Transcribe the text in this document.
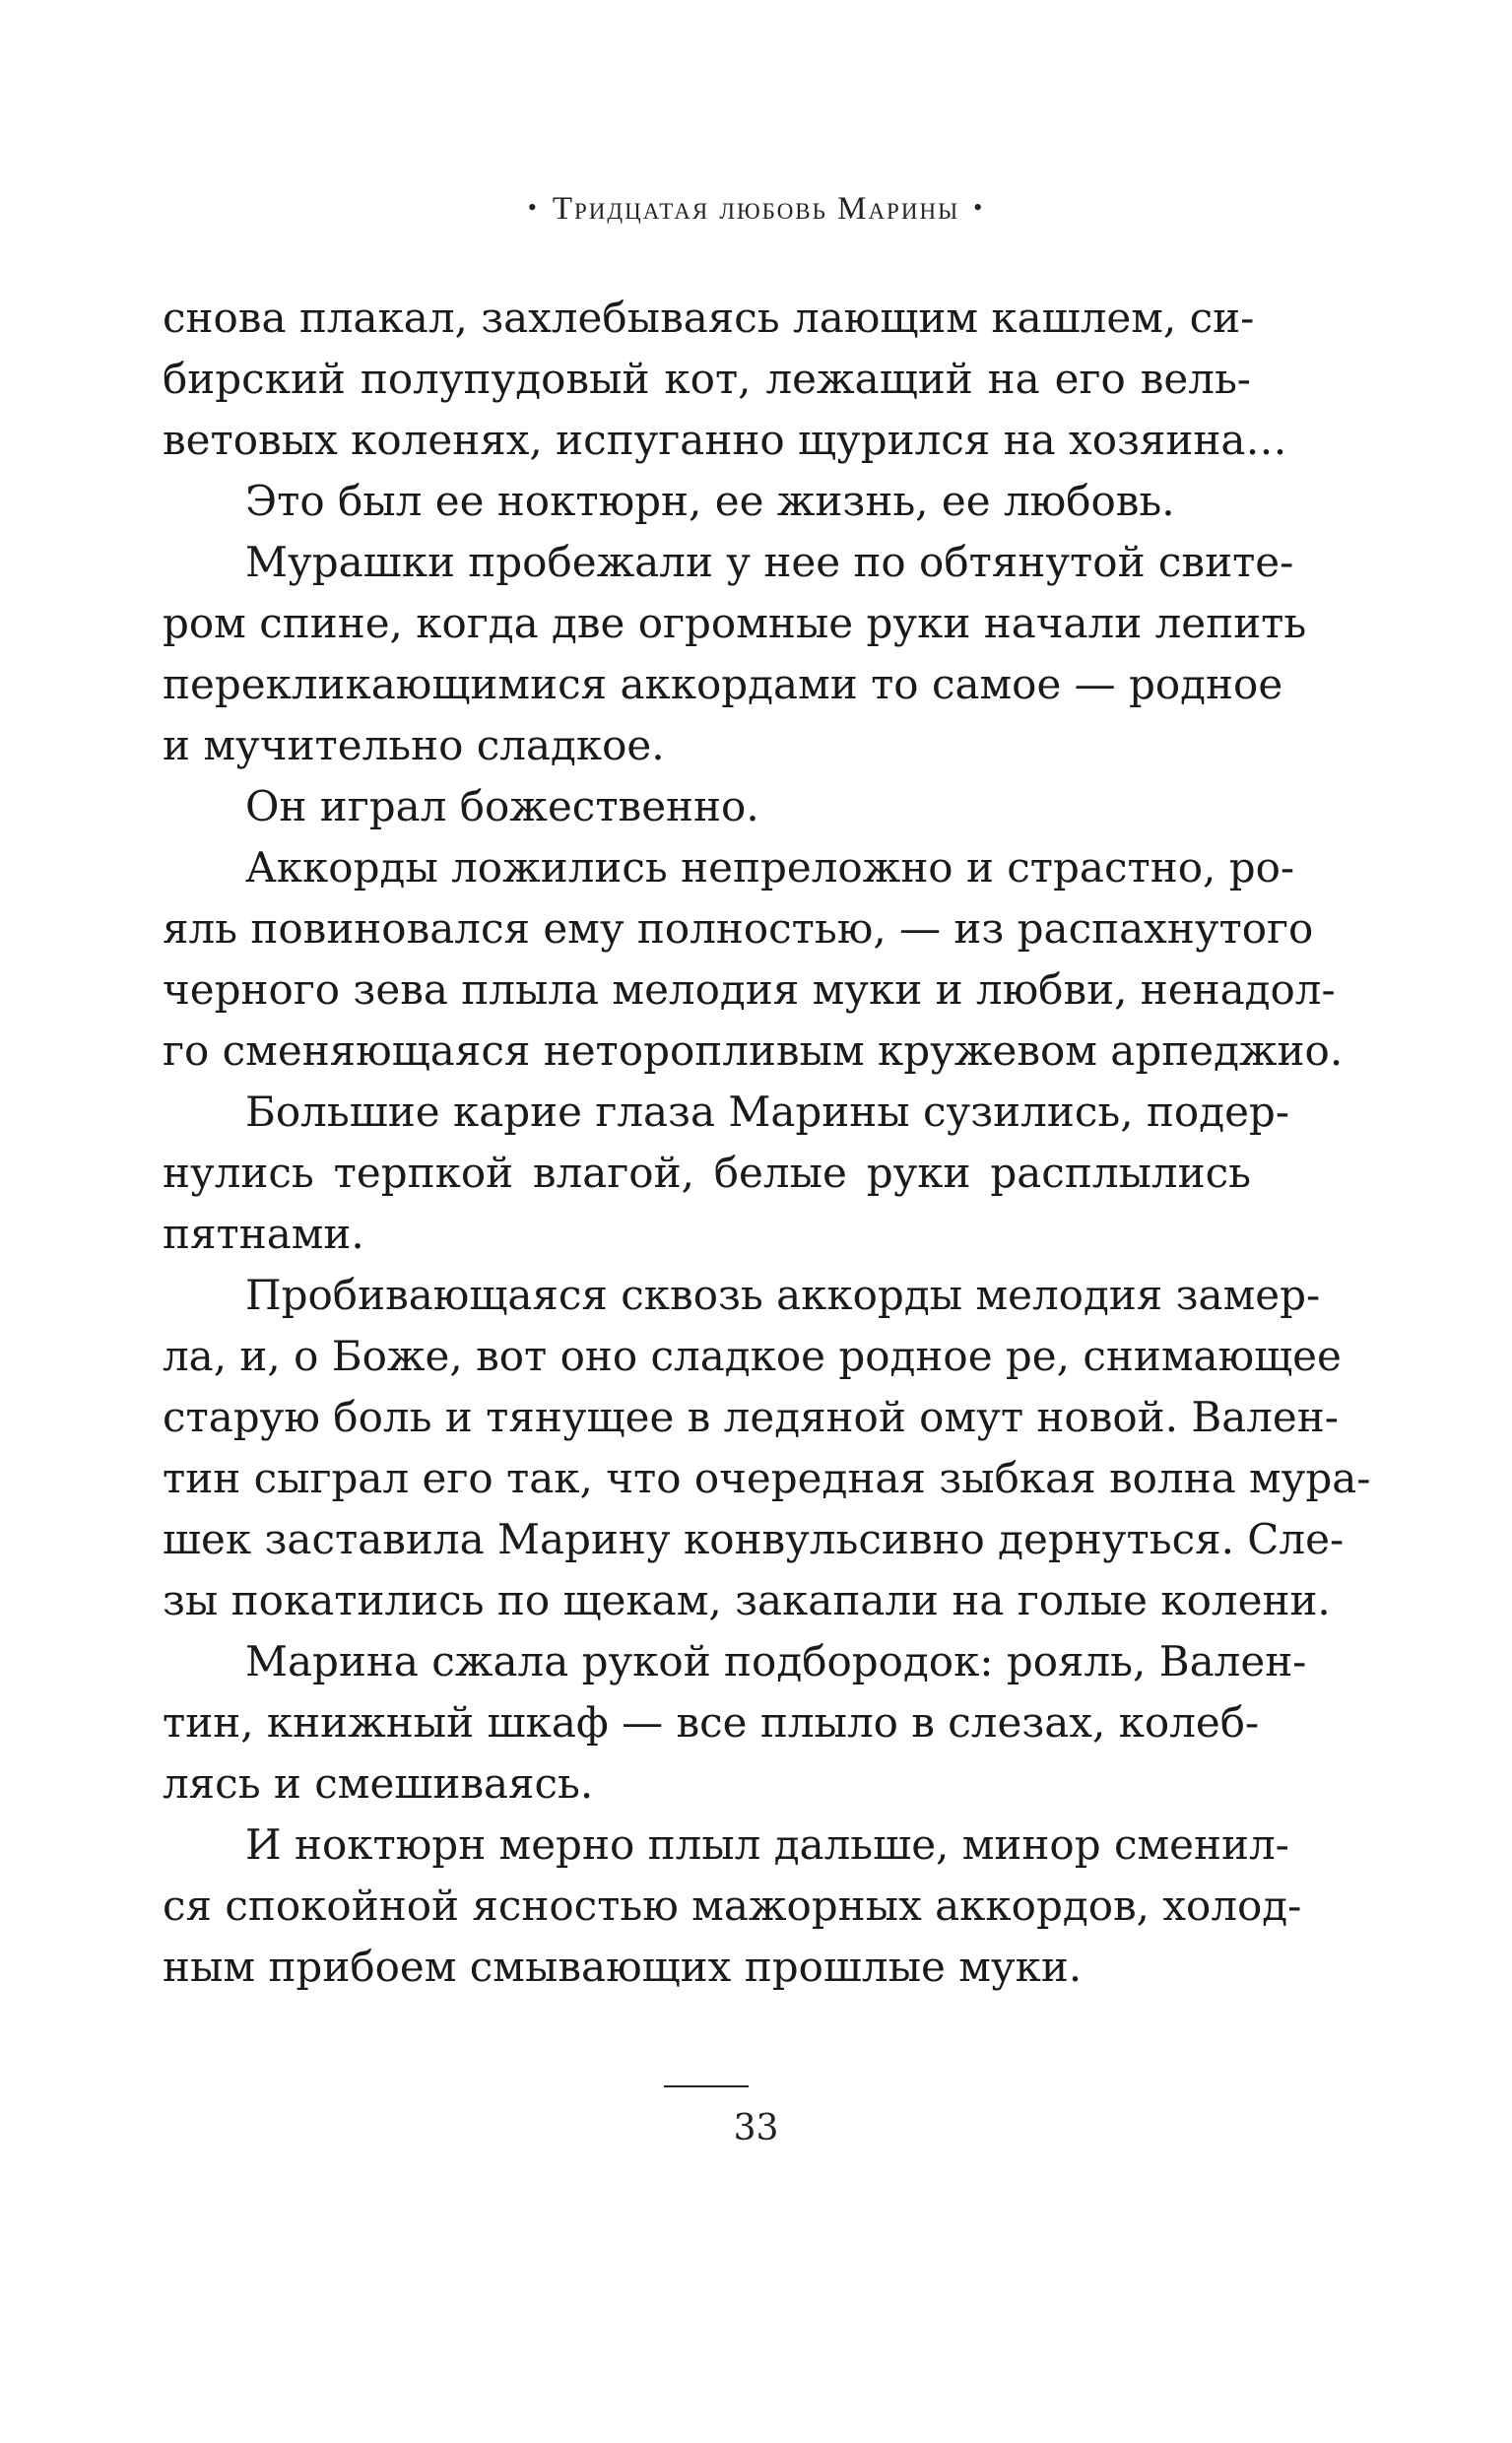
• Тридцатая любовь Марины •
снова плакал, захлебываясь лающим кашлем, си-
бирский полупудовый кот, лежащий на его вель-
ветовых коленях, испуганно щурился на хозяина…
Это был ее ноктюрн, ее жизнь, ее любовь.
Мурашки пробежали у нее по обтянутой свите-
ром спине, когда две огромные руки начали лепить
перекликающимися аккордами то самое — родное
и мучительно сладкое.
Он играл божественно.
Аккорды ложились непреложно и страстно, ро-
яль повиновался ему полностью, — из распахнутого
черного зева плыла мелодия муки и любви, ненадол-
го сменяющаяся неторопливым кружевом арпеджио.
Большие карие глаза Марины сузились, подер-
нулись терпкой влагой, белые руки расплылись
пятнами.
Пробивающаяся сквозь аккорды мелодия замер-
ла, и, о Боже, вот оно сладкое родное ре, снимающее
старую боль и тянущее в ледяной омут новой. Вален-
тин сыграл его так, что очередная зыбкая волна мура-
шек заставила Марину конвульсивно дернуться. Сле-
зы покатились по щекам, закапали на голые колени.
Марина сжала рукой подбородок: рояль, Вален-
тин, книжный шкаф — все плыло в слезах, колеб-
лясь и смешиваясь.
И ноктюрн мерно плыл дальше, минор сменил-
ся спокойной ясностью мажорных аккордов, холод-
ным прибоем смывающих прошлые муки.
33
